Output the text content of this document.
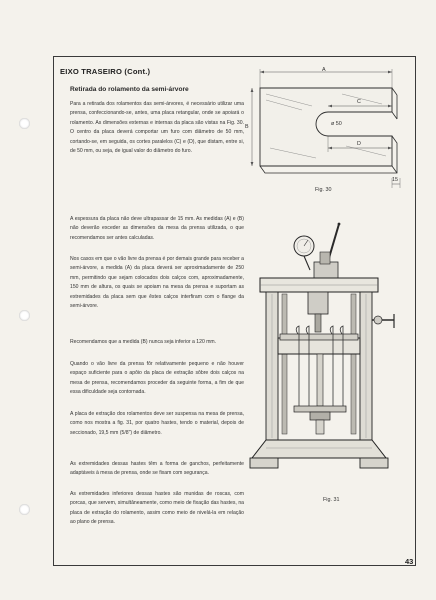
EIXO TRASEIRO (Cont.)
Retirada do rolamento da semi-árvore

Para a retirada dos rolamentos das semi-árvores, é necessário utilizar uma prensa, confeccionando-se, antes, uma placa retangular, onde se apoiará o rolamento. As dimensões externas e internas da placa são vistas na Fig. 30. O centro da placa deverá comportar um furo com diâmetro de 50 mm, cortando-se, em seguida, os cortes paralelos (C) e (D), que distam, entre si, de 50 mm, ou seja, de igual valor do diâmetro do furo.

A espessura da placa não deve ultrapassar de 15 mm. As medidas (A) e (B) não deverão exceder as dimensões da mesa da prensa utilizada, o que recomendamos ser antes calculadas.

Nos casos em que o vão livre da prensa é por demais grande para receber a semi-árvore, a medida (A) da placa deverá ser aproximadamente de 250 mm, permitindo que sejam colocados dois calços com, aproximadamente, 150 mm de altura, os quais se apoiam na mesa da prensa e suportam as extremidades da placa sem que êstes calços interfiram com o flange da semi-árvore.

Recomendamos que a medida (B) nunca seja inferior a 120 mm.

Quando o vão livre da prensa fôr relativamente pequeno e não houver espaço suficiente para o apôio da placa de extração sôbre dois calços na mesa de prensa, recomendamos proceder da seguinte forma, a fim de que essa dificuldade seja contornada.

A placa de extração dos rolamentos deve ser suspensa na mesa de prensa, como nos mostra a fig. 31, por quatro hastes, tendo o material, depois de seccionado, 19,5 mm (5/8") de diâmetro.

As extremidades dessas hastes têm a forma de ganchos, perfeitamente adaptáveis à mesa de prensa, onde se fixam com segurança.

As extremidades inferiores dessas hastes são munidas de roscas, com porcas, que servem, simultâneamente, como meio de fixação das hastes, na placa de extração do rolamento, assim como meio de nivelá-la em relação ao plano de prensa.

A
B
C
D
ø 50
15
Fig. 30
Fig. 31
43
